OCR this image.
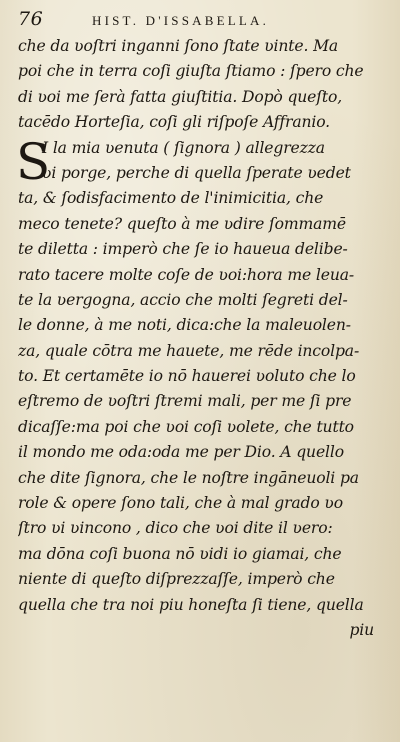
76	HIST. D'ISSABELLA.
che da ʋoſtri inganni ſono ſtate ʋinte. Ma
poi che in terra coſi giuſta ſtiamo : ſpero che
di ʋoi me ſerà fatta giuſtitia. Dopò queſto,
tacēdo Horteſia, coſi gli riſpoſe Affranio.
S
I la mia ʋenuta ( ſignora ) allegrezza
ʋi porge, perche di quella ſperate ʋedet
ta, & ſodisfacimento de l'inimicitia, che
meco tenete? queſto à me ʋdire ſommamē
te diletta : imperò che ſe io haueua delibe-
rato tacere molte coſe de ʋoi:hora me leua-
te la ʋergogna, accio che molti ſegreti del-
le donne, à me noti, dica:che la maleuolen-
za, quale cōtra me hauete, me rēde incolpa-
to. Et certamēte io nō hauerei ʋoluto che lo
eſtremo de ʋoſtri ſtremi mali, per me ſi pre
dicaſſe:ma poi che ʋoi coſi ʋolete, che tutto
il mondo me oda:oda me per Dio. A quello
che dite ſignora, che le noſtre ingāneuoli pa
role & opere ſono tali, che à mal grado ʋo
ſtro ʋi ʋincono , dico che ʋoi dite il ʋero:
ma dōna coſi buona nō ʋidi io giamai, che
niente di queſto diſprezzaſſe, imperò che
quella che tra noi piu honeſta ſi tiene, quella
piu
